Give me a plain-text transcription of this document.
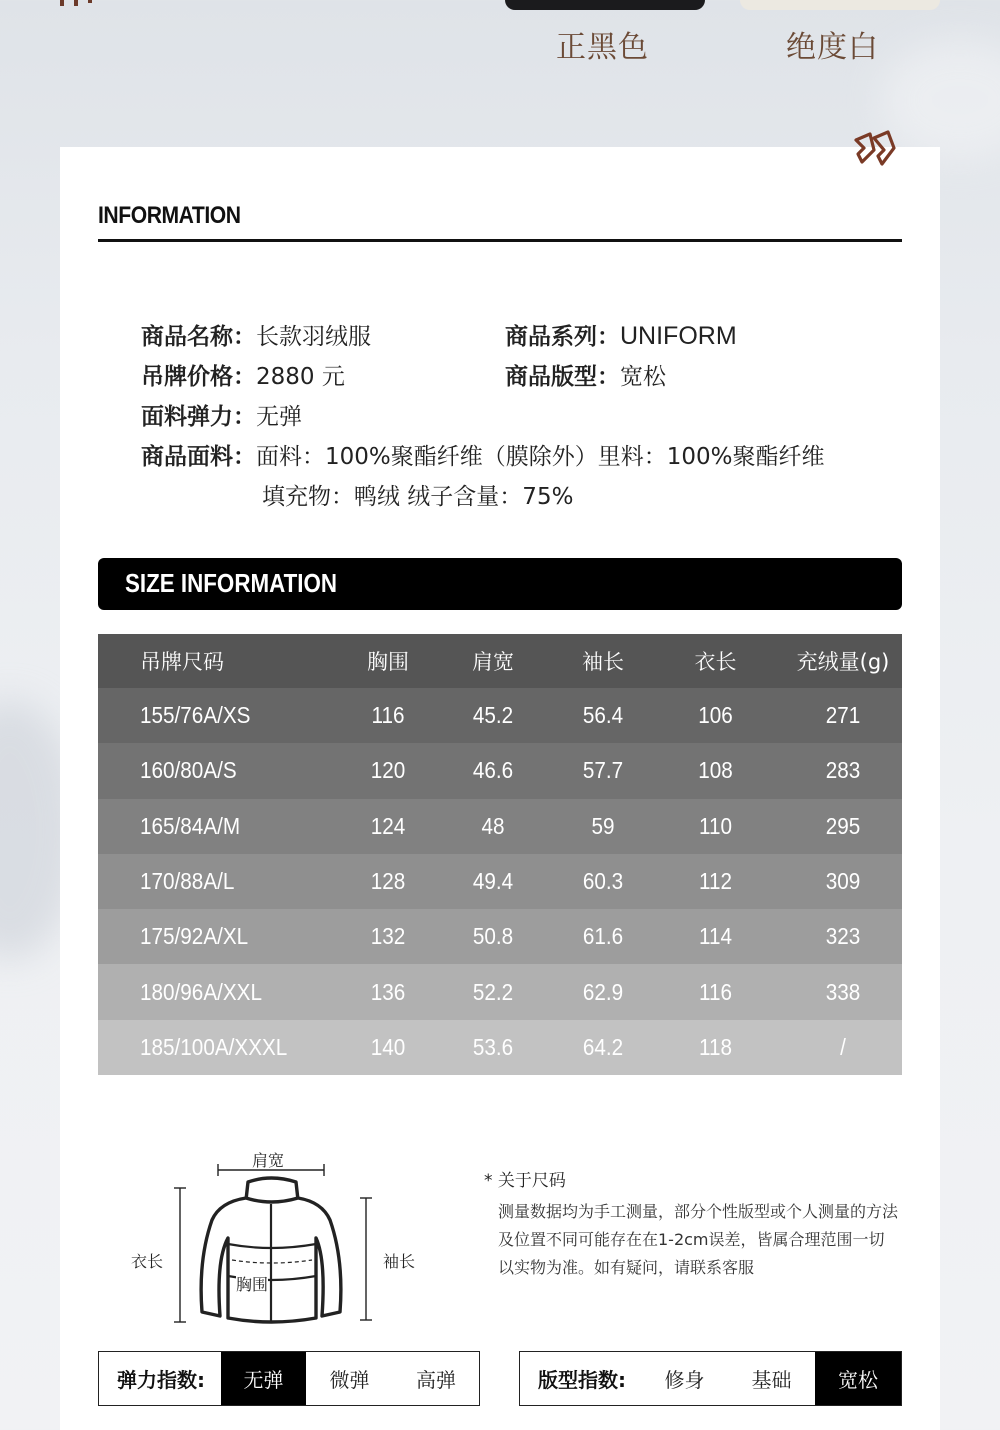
正黑色	绝度白
INFORMATION
商品名称：长款羽绒服	商品系列：UNIFORM
吊牌价格：2880 元	商品版型：宽松
面料弹力：无弹
商品面料：面料：100%聚酯纤维（膜除外）里料：100%聚酯纤维
填充物：鸭绒 绒子含量：75%
SIZE INFORMATION
吊牌尺码	胸围	肩宽	袖长	衣长	充绒量(g)
155/76A/XS	116	45.2	56.4	106	271
160/80A/S	120	46.6	57.7	108	283
165/84A/M	124	48	59	110	295
170/88A/L	128	49.4	60.3	112	309
175/92A/XL	132	50.8	61.6	114	323
180/96A/XXL	136	52.2	62.9	116	338
185/100A/XXXL	140	53.6	64.2	118	/
肩宽
衣长	袖长
胸围
* 关于尺码
测量数据均为手工测量，部分个性版型或个人测量的方法及位置不同可能存在在1-2cm误差，皆属合理范围一切以实物为准。如有疑问，请联系客服
弹力指数:	无弹	微弹	高弹	版型指数:	修身	基础	宽松
